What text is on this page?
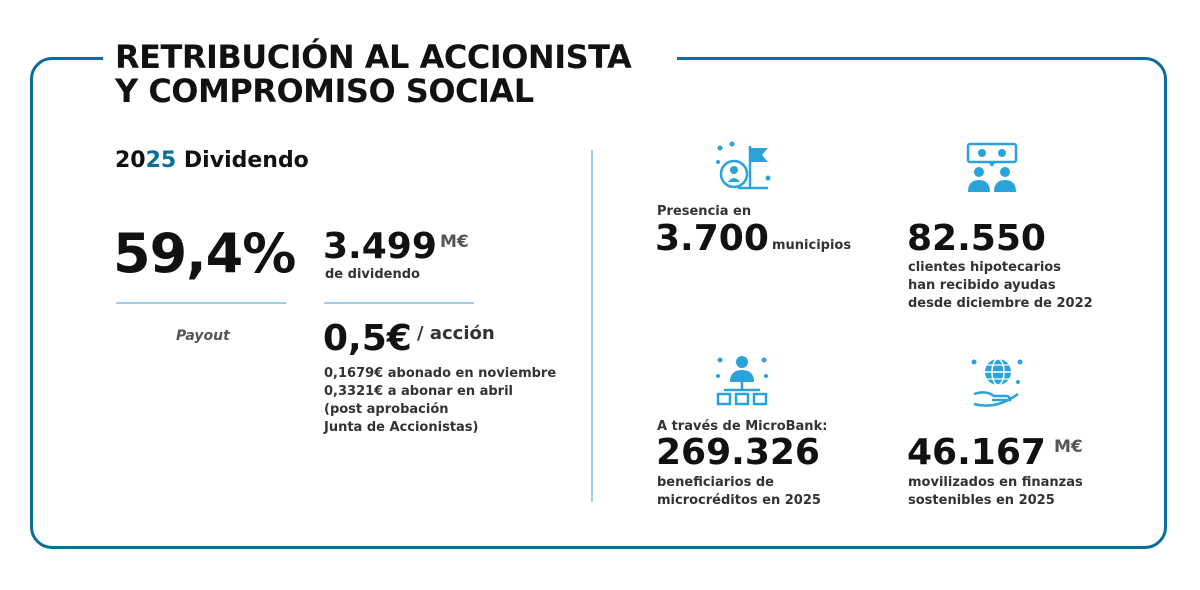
RETRIBUCIÓN AL ACCIONISTA
Y COMPROMISO SOCIAL
2025 Dividendo
59,4%
Payout
3.499 M€
de dividendo
0,5€ / acción
0,1679€ abonado en noviembre
0,3321€ a abonar en abril
(post aprobación
Junta de Accionistas)
Presencia en
3.700 municipios 82.550
clientes hipotecarios
han recibido ayudas
desde diciembre de 2022
A través de MicroBank:
269.326
beneficiarios de
microcréditos en 2025
46.167 M€
movilizados en finanzas
sostenibles en 2025
